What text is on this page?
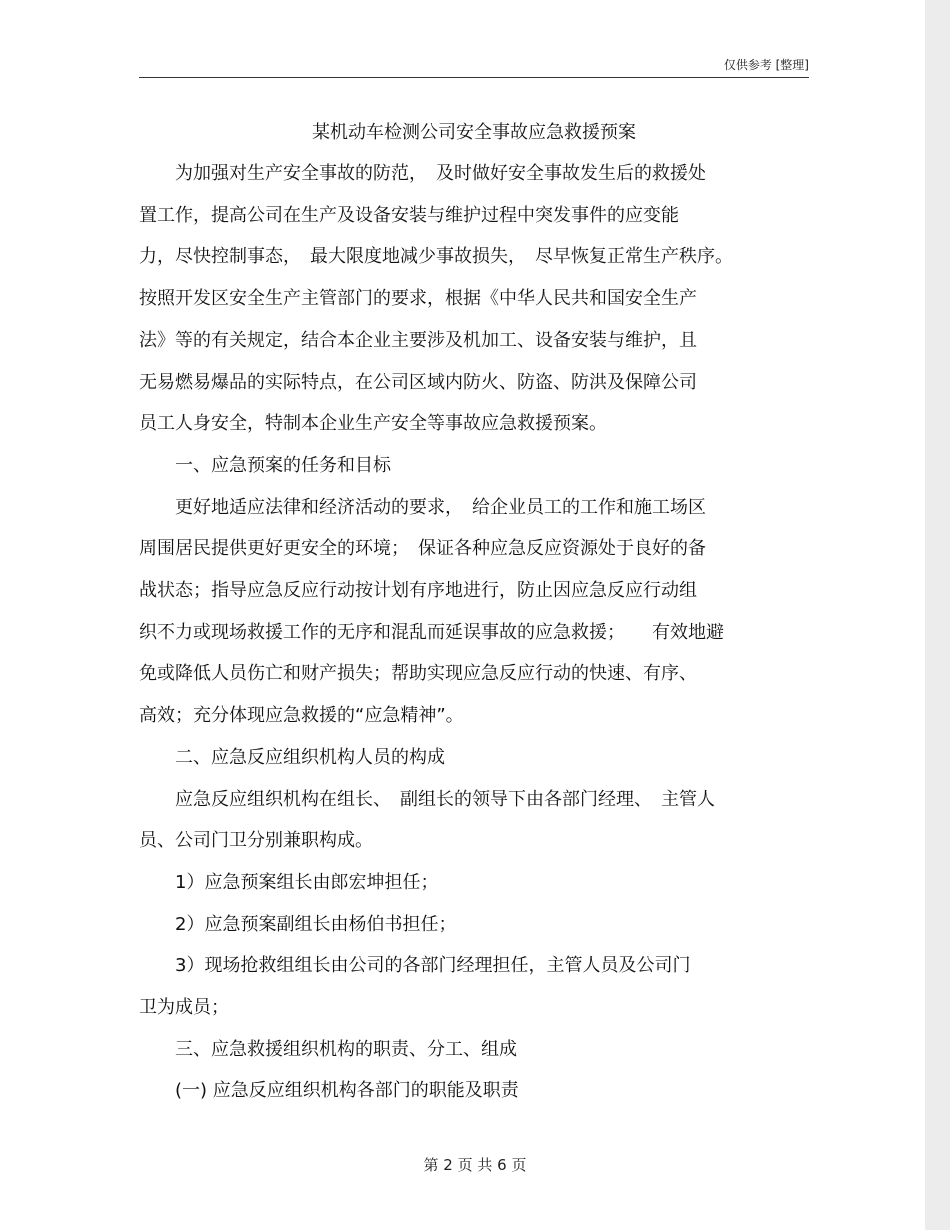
仅供参考 [整理]
某机动车检测公司安全事故应急救援预案
　　为加强对生产安全事故的防范，　及时做好安全事故发生后的救援处
置工作，提高公司在生产及设备安装与维护过程中突发事件的应变能
力，尽快控制事态，　最大限度地减少事故损失，　尽早恢复正常生产秩序。
按照开发区安全生产主管部门的要求，根据《中华人民共和国安全生产
法》等的有关规定，结合本企业主要涉及机加工、设备安装与维护，且
无易燃易爆品的实际特点，在公司区域内防火、防盗、防洪及保障公司
员工人身安全，特制本企业生产安全等事故应急救援预案。
　　一、应急预案的任务和目标
　　更好地适应法律和经济活动的要求，　给企业员工的工作和施工场区
周围居民提供更好更安全的环境；　保证各种应急反应资源处于良好的备
战状态；指导应急反应行动按计划有序地进行，防止因应急反应行动组
织不力或现场救援工作的无序和混乱而延误事故的应急救援；　　有效地避
免或降低人员伤亡和财产损失；帮助实现应急反应行动的快速、有序、
高效；充分体现应急救援的“应急精神”。
　　二、应急反应组织机构人员的构成
　　应急反应组织机构在组长、　副组长的领导下由各部门经理、　主管人
员、公司门卫分别兼职构成。
　　1）应急预案组长由郎宏坤担任；
　　2）应急预案副组长由杨伯书担任；
　　3）现场抢救组组长由公司的各部门经理担任，主管人员及公司门
卫为成员；
　　三、应急救援组织机构的职责、分工、组成
　　(一) 应急反应组织机构各部门的职能及职责
第 2 页 共 6 页
